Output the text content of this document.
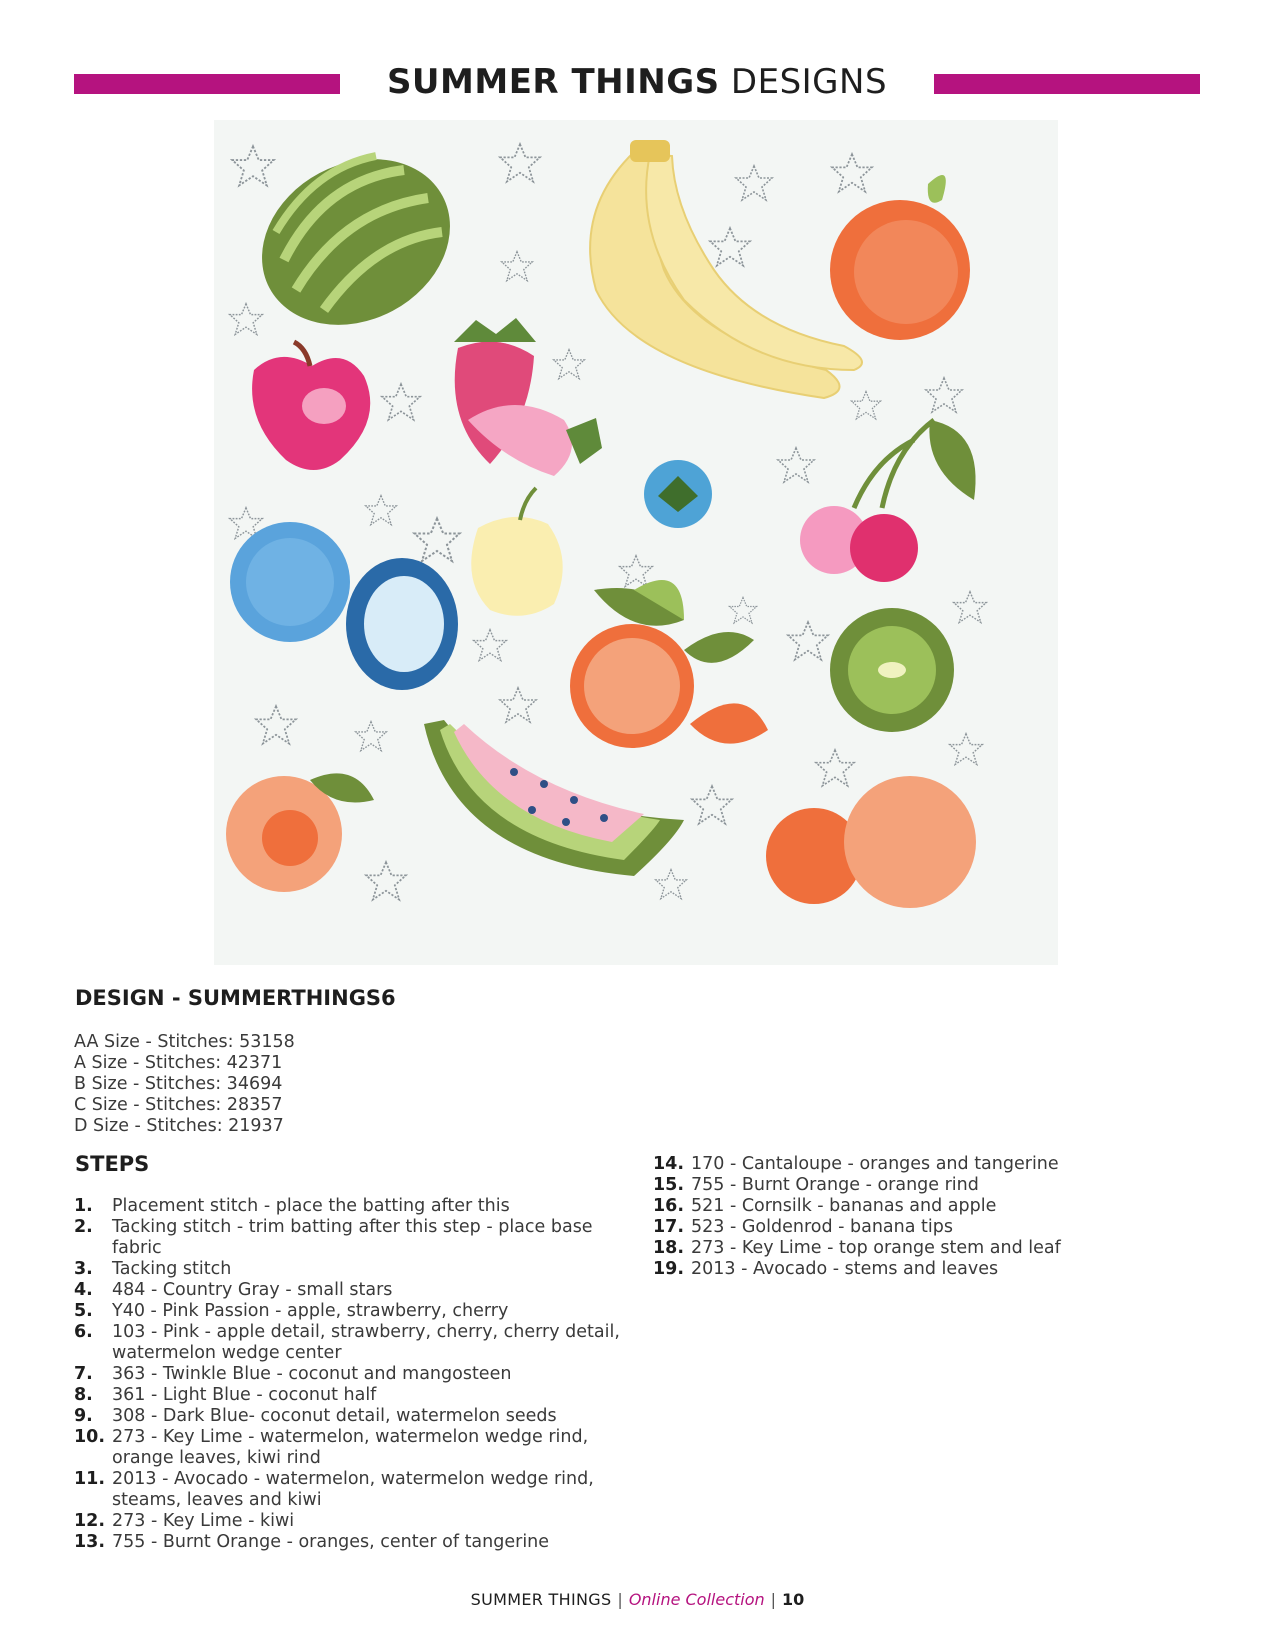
SUMMER THINGS DESIGNS
DESIGN - SUMMERTHINGS6
AA Size - Stitches: 53158
A Size - Stitches: 42371
B Size - Stitches: 34694
C Size - Stitches: 28357
D Size - Stitches: 21937
STEPS
1. Placement stitch - place the batting after this
2. Tacking stitch - trim batting after this step - place base fabric
3. Tacking stitch
4. 484 - Country Gray - small stars
5. Y40 - Pink Passion - apple, strawberry, cherry
6. 103 - Pink - apple detail, strawberry, cherry, cherry detail, watermelon wedge center
7. 363 - Twinkle Blue - coconut and mangosteen
8. 361 - Light Blue - coconut half
9. 308 - Dark Blue- coconut detail, watermelon seeds
10. 273 - Key Lime - watermelon, watermelon wedge rind, orange leaves, kiwi rind
11. 2013 - Avocado - watermelon, watermelon wedge rind, steams, leaves and kiwi
12. 273 - Key Lime - kiwi
13. 755 - Burnt Orange - oranges, center of tangerine
14. 170 - Cantaloupe - oranges and tangerine
15. 755 - Burnt Orange - orange rind
16. 521 - Cornsilk - bananas and apple
17. 523 - Goldenrod - banana tips
18. 273 - Key Lime - top orange stem and leaf
19. 2013 - Avocado - stems and leaves
SUMMER THINGS | Online Collection | 10
